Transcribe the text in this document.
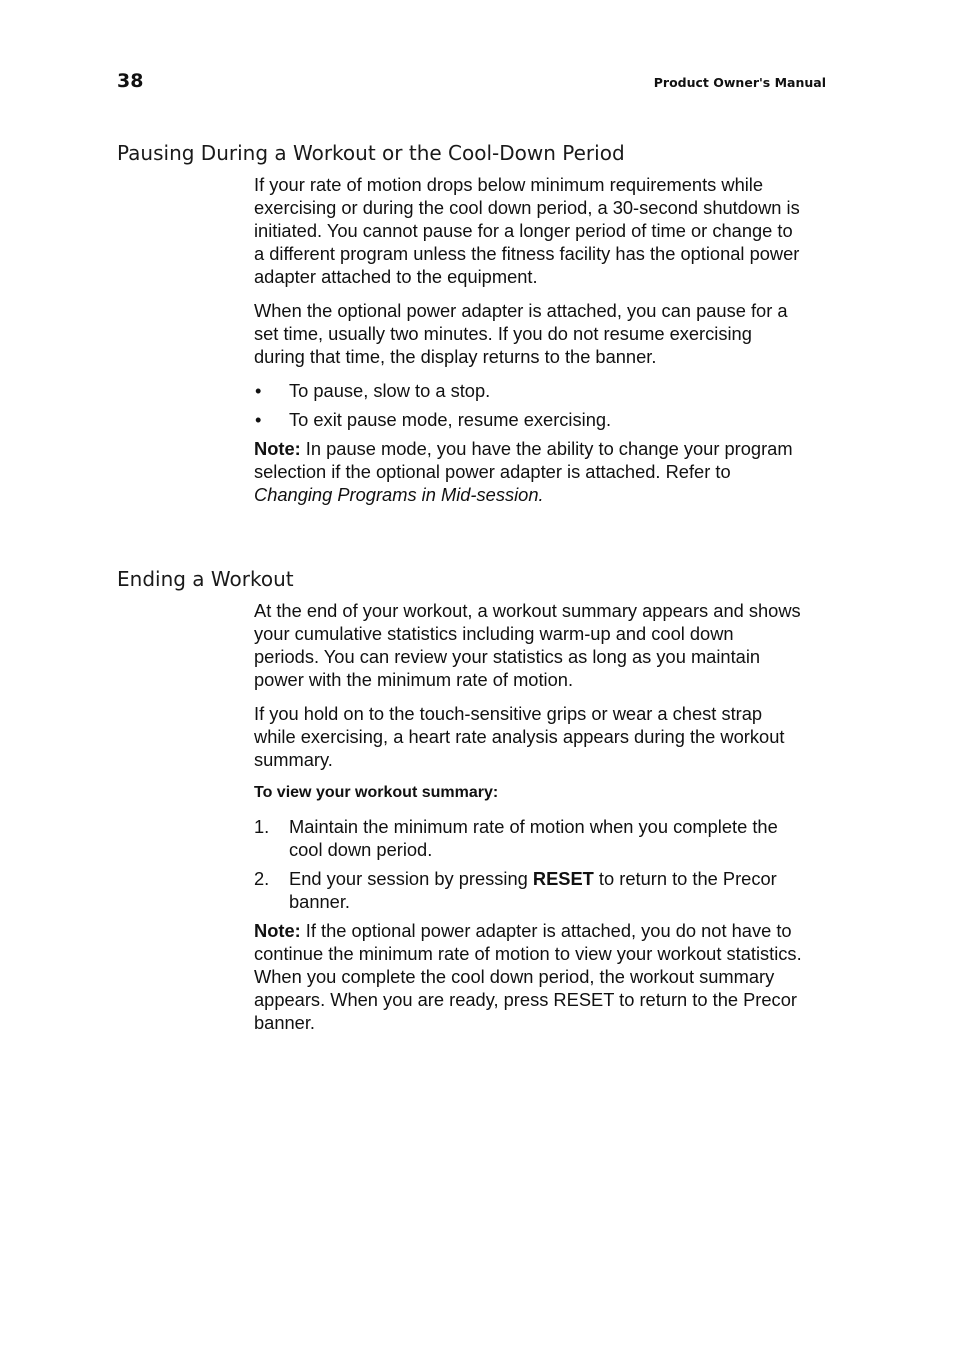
38	Product Owner's Manual
Pausing During a Workout or the Cool-Down Period

If your rate of motion drops below minimum requirements while exercising or during the cool down period, a 30-second shutdown is initiated. You cannot pause for a longer period of time or change to a different program unless the fitness facility has the optional power adapter attached to the equipment.

When the optional power adapter is attached, you can pause for a set time, usually two minutes. If you do not resume exercising during that time, the display returns to the banner.

•	To pause, slow to a stop.
•	To exit pause mode, resume exercising.

Note: In pause mode, you have the ability to change your program selection if the optional power adapter is attached. Refer to Changing Programs in Mid-session.

Ending a Workout

At the end of your workout, a workout summary appears and shows your cumulative statistics including warm-up and cool down periods. You can review your statistics as long as you maintain power with the minimum rate of motion.

If you hold on to the touch-sensitive grips or wear a chest strap while exercising, a heart rate analysis appears during the workout summary.

To view your workout summary:

1.	Maintain the minimum rate of motion when you complete the cool down period.
2.	End your session by pressing RESET to return to the Precor banner.

Note: If the optional power adapter is attached, you do not have to continue the minimum rate of motion to view your workout statistics. When you complete the cool down period, the workout summary appears. When you are ready, press RESET to return to the Precor banner.
